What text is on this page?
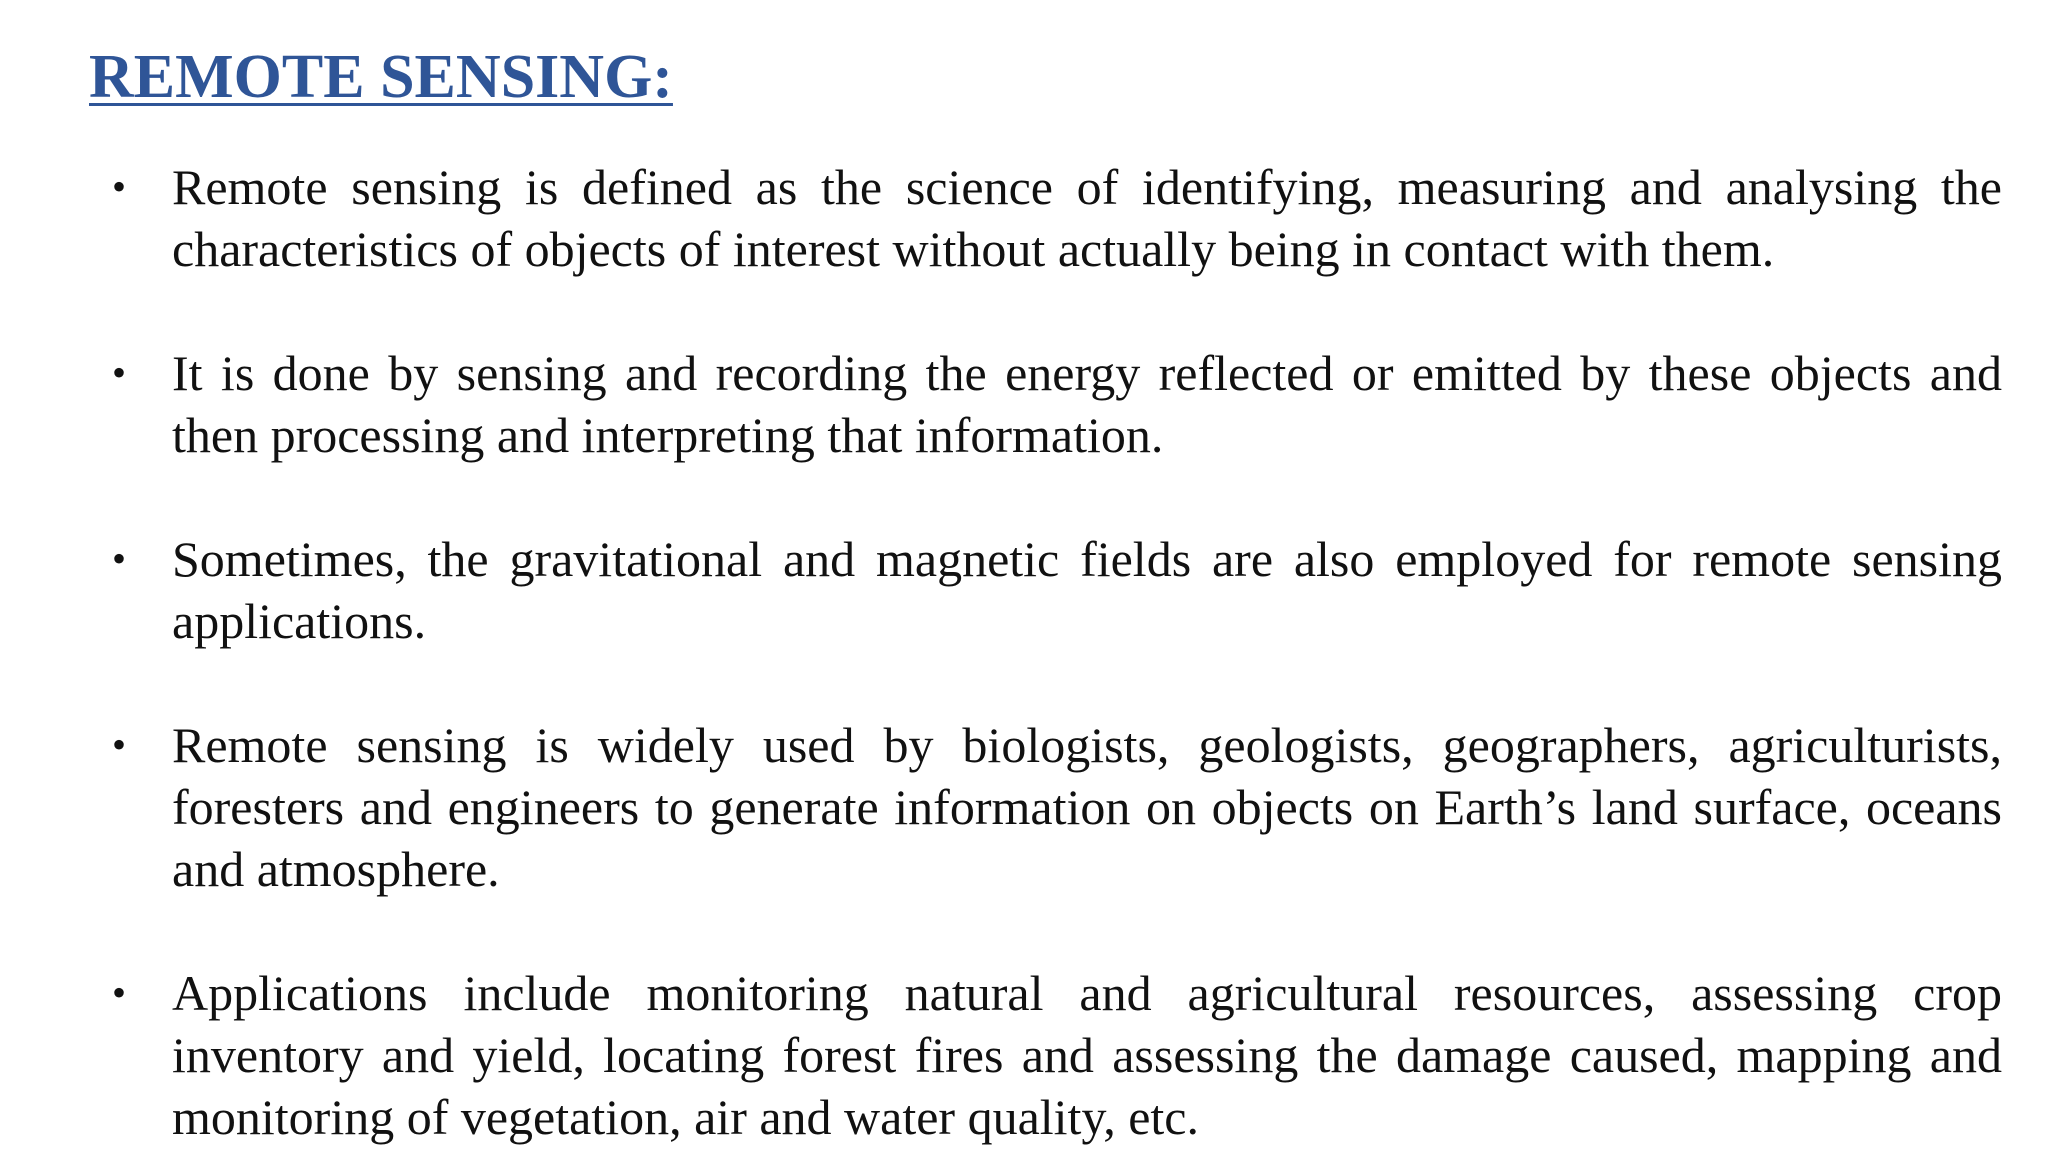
REMOTE SENSING:
• Remote sensing is defined as the science of identifying, measuring and analysing the characteristics of objects of interest without actually being in contact with them.
• It is done by sensing and recording the energy reflected or emitted by these objects and then processing and interpreting that information.
• Sometimes, the gravitational and magnetic fields are also employed for remote sensing applications.
• Remote sensing is widely used by biologists, geologists, geographers, agriculturists, foresters and engineers to generate information on objects on Earth’s land surface, oceans and atmosphere.
• Applications include monitoring natural and agricultural resources, assessing crop inventory and yield, locating forest fires and assessing the damage caused, mapping and monitoring of vegetation, air and water quality, etc.
